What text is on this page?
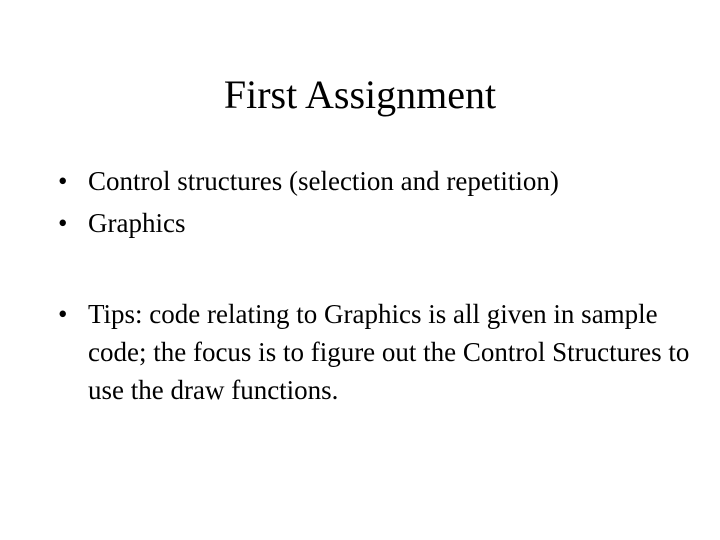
First Assignment
• Control structures (selection and repetition)
• Graphics
• Tips: code relating to Graphics is all given in sample code; the focus is to figure out the Control Structures to use the draw functions.
